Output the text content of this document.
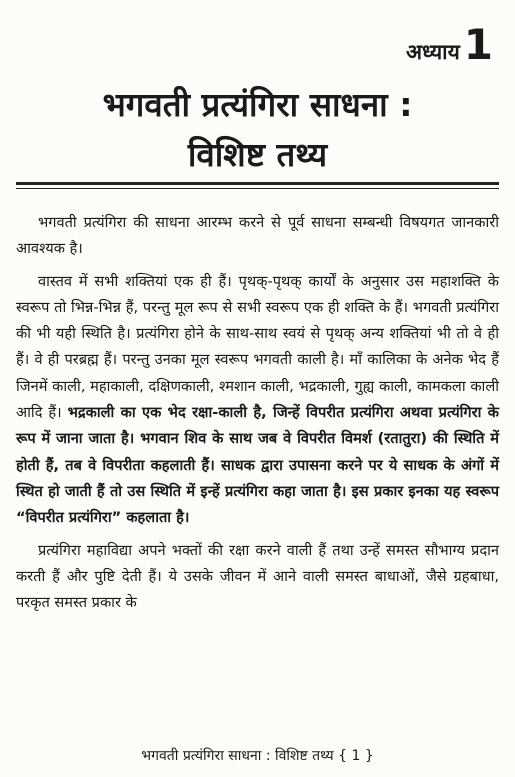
अध्याय 1
भगवती प्रत्यंगिरा साधना :
विशिष्ट तथ्य

भगवती प्रत्यंगिरा की साधना आरम्भ करने से पूर्व साधना सम्बन्धी विषयगत जानकारी आवश्यक है।

वास्तव में सभी शक्तियां एक ही हैं। पृथक्-पृथक् कार्यों के अनुसार उस महाशक्ति के स्वरूप तो भिन्न-भिन्न हैं, परन्तु मूल रूप से सभी स्वरूप एक ही शक्ति के हैं। भगवती प्रत्यंगिरा की भी यही स्थिति है। प्रत्यंगिरा होने के साथ-साथ स्वयं से पृथक् अन्य शक्तियां भी तो वे ही हैं। वे ही परब्रह्म हैं। परन्तु उनका मूल स्वरूप भगवती काली है। माँ कालिका के अनेक भेद हैं जिनमें काली, महाकाली, दक्षिणकाली, श्मशान काली, भद्रकाली, गुह्य काली, कामकला काली आदि हैं। भद्रकाली का एक भेद रक्षा-काली है, जिन्हें विपरीत प्रत्यंगिरा अथवा प्रत्यंगिरा के रूप में जाना जाता है। भगवान शिव के साथ जब वे विपरीत विमर्श (रतातुरा) की स्थिति में होती हैं, तब वे विपरीता कहलाती हैं। साधक द्वारा उपासना करने पर ये साधक के अंगों में स्थित हो जाती हैं तो उस स्थिति में इन्हें प्रत्यंगिरा कहा जाता है। इस प्रकार इनका यह स्वरूप “विपरीत प्रत्यंगिरा” कहलाता है।

प्रत्यंगिरा महाविद्या अपने भक्तों की रक्षा करने वाली हैं तथा उन्हें समस्त सौभाग्य प्रदान करती हैं और पुष्टि देती हैं। ये उसके जीवन में आने वाली समस्त बाधाओं, जैसे ग्रहबाधा, परकृत समस्त प्रकार के

भगवती प्रत्यंगिरा साधना : विशिष्ट तथ्य { 1 }
